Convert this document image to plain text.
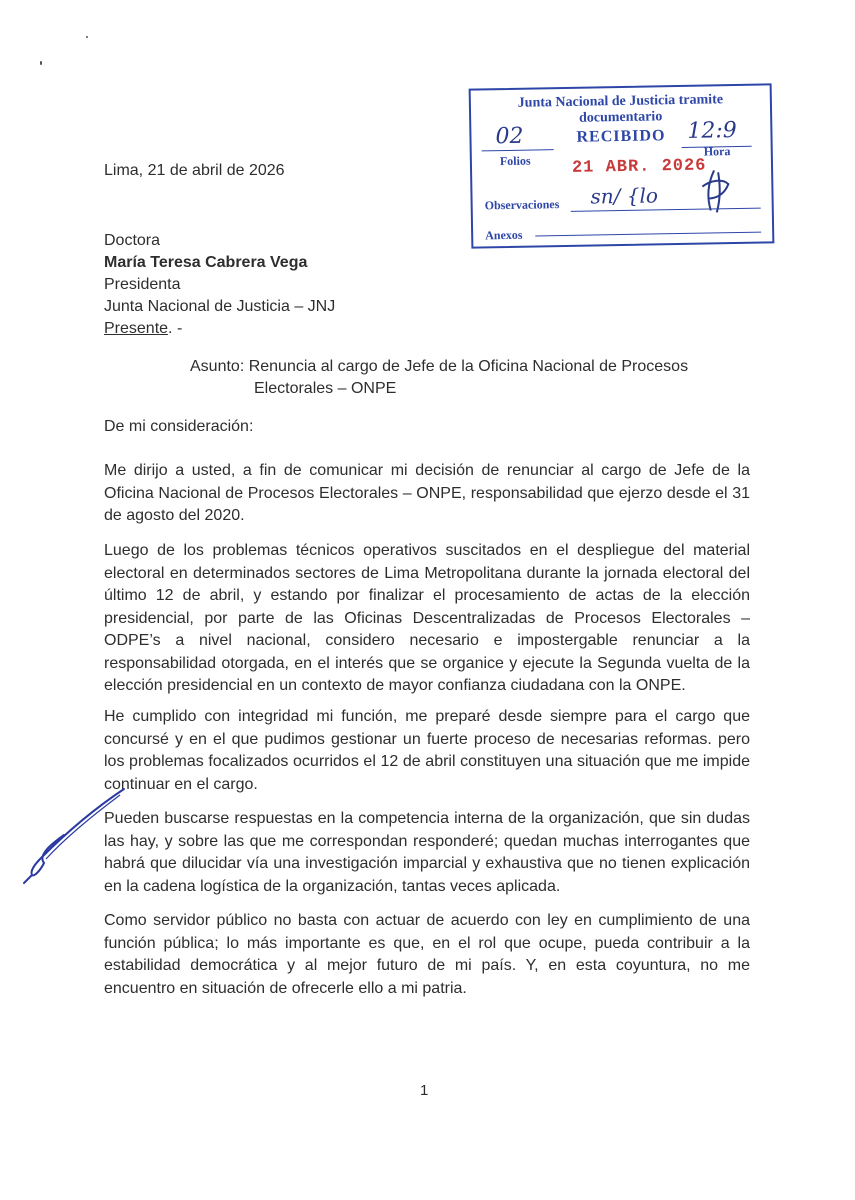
Junta Nacional de Justicia tramite
documentario
RECIBIDO
02	12:9
Folios 21 ABR. 2026
Hora
Observaciones sn/ {lo
Anexos
Lima, 21 de abril de 2026
Doctora
María Teresa Cabrera Vega
Presidenta
Junta Nacional de Justicia – JNJ
Presente. -
Asunto: Renuncia al cargo de Jefe de la Oficina Nacional de Procesos
Electorales – ONPE
De mi consideración:
Me dirijo a usted, a fin de comunicar mi decisión de renunciar al cargo de Jefe de la Oficina Nacional de Procesos Electorales – ONPE, responsabilidad que ejerzo desde el 31 de agosto del 2020.
Luego de los problemas técnicos operativos suscitados en el despliegue del material electoral en determinados sectores de Lima Metropolitana durante la jornada electoral del último 12 de abril, y estando por finalizar el procesamiento de actas de la elección presidencial, por parte de las Oficinas Descentralizadas de Procesos Electorales – ODPE’s a nivel nacional, considero necesario e impostergable renunciar a la responsabilidad otorgada, en el interés que se organice y ejecute la Segunda vuelta de la elección presidencial en un contexto de mayor confianza ciudadana con la ONPE.
He cumplido con integridad mi función, me preparé desde siempre para el cargo que concursé y en el que pudimos gestionar un fuerte proceso de necesarias reformas. pero los problemas focalizados ocurridos el 12 de abril constituyen una situación que me impide continuar en el cargo.
Pueden buscarse respuestas en la competencia interna de la organización, que sin dudas las hay, y sobre las que me correspondan responderé; quedan muchas interrogantes que habrá que dilucidar vía una investigación imparcial y exhaustiva que no tienen explicación en la cadena logística de la organización, tantas veces aplicada.
Como servidor público no basta con actuar de acuerdo con ley en cumplimiento de una función pública; lo más importante es que, en el rol que ocupe, pueda contribuir a la estabilidad democrática y al mejor futuro de mi país. Y, en esta coyuntura, no me encuentro en situación de ofrecerle ello a mi patria.
1
